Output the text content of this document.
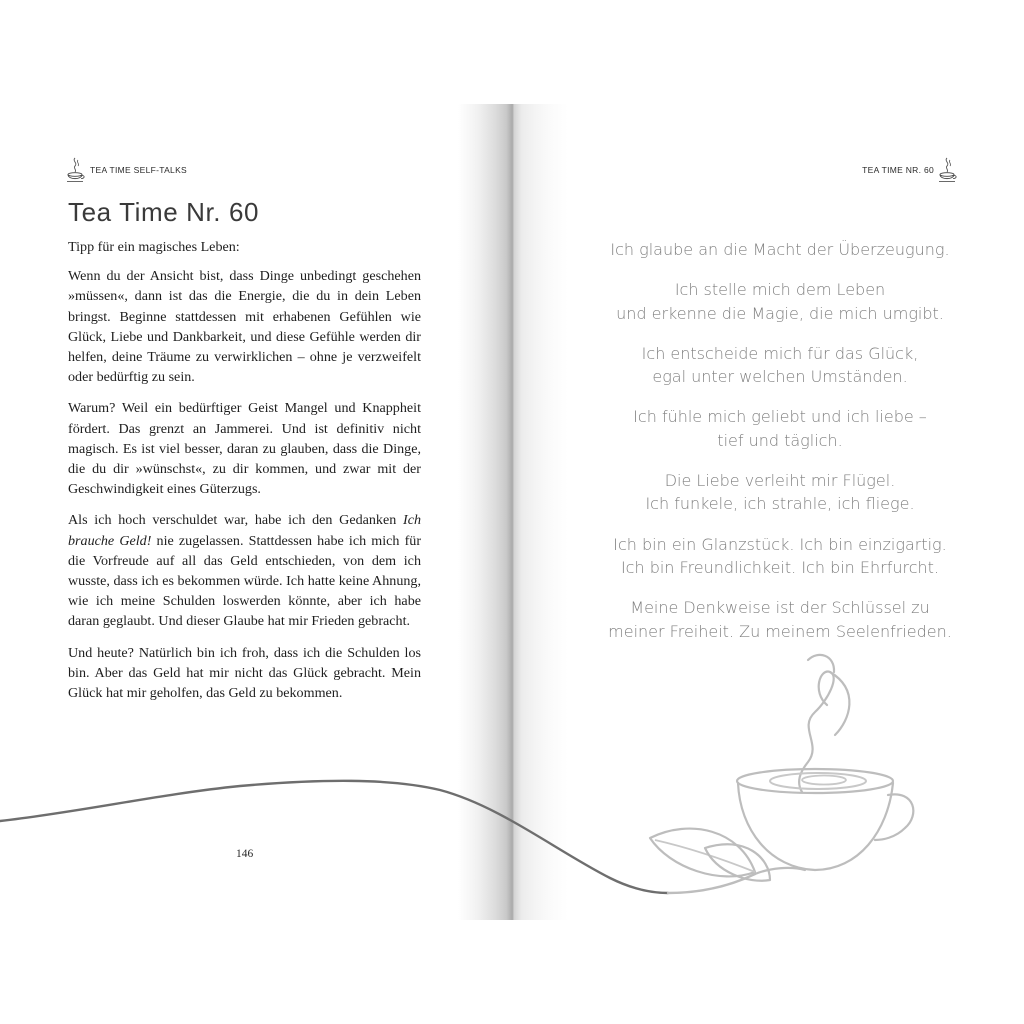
TEA TIME SELF-TALKS
Tea Time Nr. 60

Tipp für ein magisches Leben:

Wenn du der Ansicht bist, dass Dinge unbedingt geschehen »müssen«, dann ist das die Energie, die du in dein Leben bringst. Beginne stattdessen mit erhabenen Gefühlen wie Glück, Liebe und Dankbarkeit, und diese Gefühle werden dir helfen, deine Träume zu verwirklichen – ohne je verzweifelt oder bedürftig zu sein.

Warum? Weil ein bedürftiger Geist Mangel und Knappheit fördert. Das grenzt an Jammerei. Und ist definitiv nicht magisch. Es ist viel besser, daran zu glauben, dass die Dinge, die du dir »wünschst«, zu dir kommen, und zwar mit der Geschwindigkeit eines Güterzugs.

Als ich hoch verschuldet war, habe ich den Gedanken Ich brauche Geld! nie zugelassen. Stattdessen habe ich mich für die Vorfreude auf all das Geld entschieden, von dem ich wusste, dass ich es bekommen würde. Ich hatte keine Ahnung, wie ich meine Schulden loswerden könnte, aber ich habe daran geglaubt. Und dieser Glaube hat mir Frieden gebracht.

Und heute? Natürlich bin ich froh, dass ich die Schulden los bin. Aber das Geld hat mir nicht das Glück gebracht. Mein Glück hat mir geholfen, das Geld zu bekommen.

146
TEA TIME NR. 60
Ich glaube an die Macht der Überzeugung.
Ich stelle mich dem Leben
und erkenne die Magie, die mich umgibt.
Ich entscheide mich für das Glück,
egal unter welchen Umständen.
Ich fühle mich geliebt und ich liebe –
tief und täglich.
Die Liebe verleiht mir Flügel.
Ich funkele, ich strahle, ich fliege.
Ich bin ein Glanzstück. Ich bin einzigartig.
Ich bin Freundlichkeit. Ich bin Ehrfurcht.
Meine Denkweise ist der Schlüssel zu
meiner Freiheit. Zu meinem Seelenfrieden.
